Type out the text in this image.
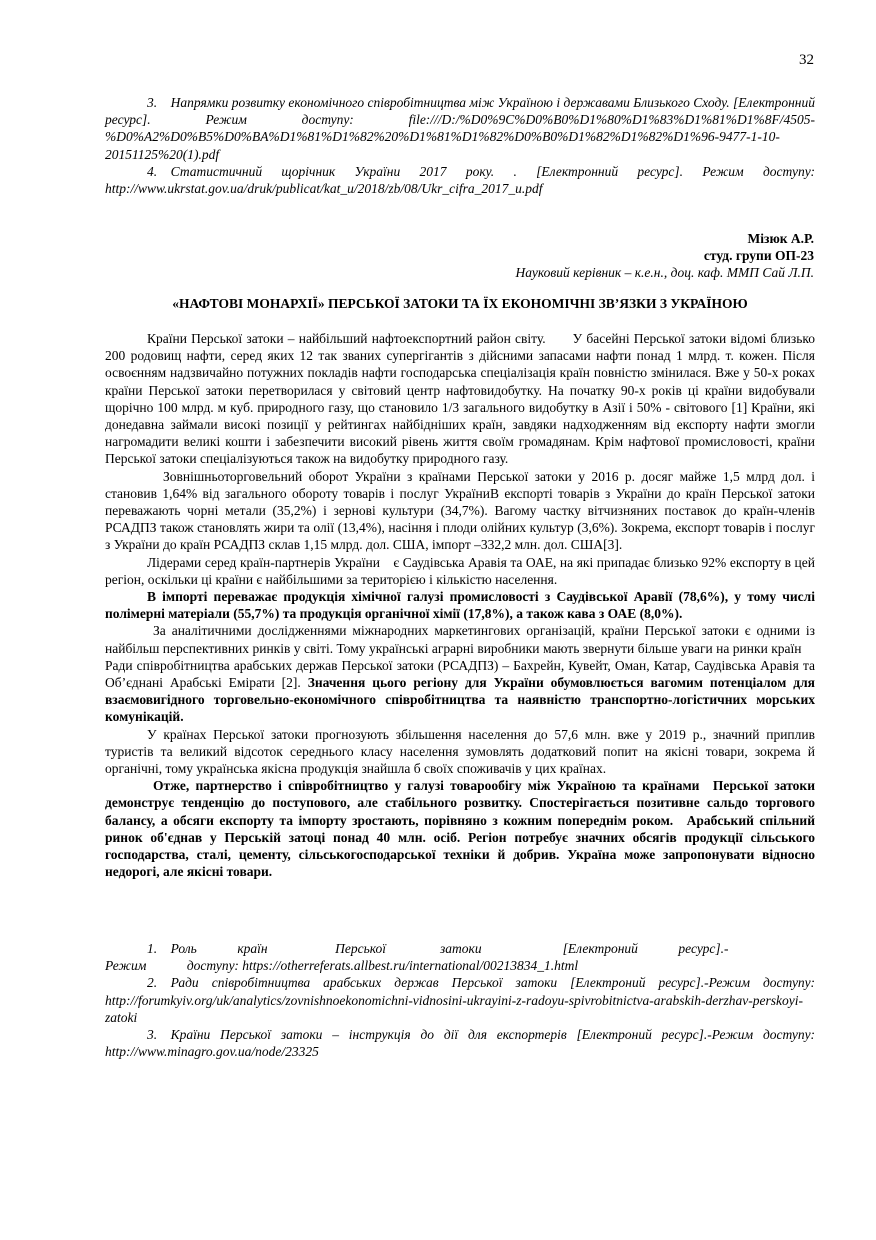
32

3. Напрямки розвитку економічного співробітництва між Україною і державами Близького Сходу. [Електронний ресурс]. Режим доступу: file:///D:/%D0%9C%D0%B0%D1%80%D1%83%D1%81%D1%8F/4505-%D0%A2%D0%B5%D0%BA%D1%81%D1%82%20%D1%81%D1%82%D0%B0%D1%82%D1%82%D1%96-9477-1-10-20151125%20(1).pdf

4. Статистичний щорічник України 2017 року. . [Електронний ресурс]. Режим доступу: http://www.ukrstat.gov.ua/druk/publicat/kat_u/2018/zb/08/Ukr_cifra_2017_u.pdf

Мізюк А.Р.
студ. групи ОП-23
Науковий керівник – к.е.н., доц. каф. ММП Сай Л.П.
«НАФТОВІ МОНАРХІЇ» ПЕРСЬКОЇ ЗАТОКИ ТА ЇХ ЕКОНОМІЧНІ ЗВ’ЯЗКИ З УКРАЇНОЮ

Країни Перської затоки – найбільший нафтоекспортний район світу.  У басейні Перської затоки відомі близько 200 родовищ нафти, серед яких 12 так званих супергігантів з дійсними запасами нафти понад 1 млрд. т. кожен. Після освоєнням надзвичайно потужних покладів нафти господарська спеціалізація країн повністю змінилася. Вже у 50-х роках країни Перської затоки перетворилася у світовий центр нафтовидобутку. На початку 90-х років ці країни видобували щорічно 100 млрд. м куб. природного газу, що становило 1/3 загального видобутку в Азії і 50% - світового [1] Країни, які донедавна займали високі позиції у рейтингах найбідніших країн, завдяки надходженням від експорту нафти змогли нагромадити великі кошти і забезпечити високий рівень життя своїм громадянам. Крім нафтової промисловості, країни Перської затоки спеціалізуються також на видобутку природного газу.

Зовнішньоторговельний оборот України з країнами Перської затоки у 2016 р. досяг майже 1,5 млрд дол. і становив 1,64% від загального обороту товарів і послуг УкраїниВ експорті товарів з України до країн Перської затоки переважають чорні метали (35,2%) і зернові культури (34,7%). Вагому частку вітчизняних поставок до країн-членів РСАДПЗ також становлять жири та олії (13,4%), насіння і плоди олійних культур (3,6%). Зокрема, експорт товарів і послуг з України до країн РСАДПЗ склав 1,15 млрд. дол. США, імпорт –332,2 млн. дол. США[3].

Лідерами серед країн-партнерів України є Саудівська Аравія та ОАЕ, на які припадає близько 92% експорту в цей регіон, оскільки ці країни є найбільшими за територією і кількістю населення.

В імпорті переважає продукція хімічної галузі промисловості з Саудівської Аравії (78,6%), у тому числі полімерні матеріали (55,7%) та продукція органічної хімії (17,8%), а також кава з ОАЕ (8,0%).

За аналітичними дослідженнями міжнародних маркетингових організацій, країни Перської затоки є одними із найбільш перспективних ринків у світі. Тому українські аграрні виробники мають звернути більше уваги на ринки країн Ради співробітництва арабських держав Перської затоки (РСАДПЗ) – Бахрейн, Кувейт, Оман, Катар, Саудівська Аравія та Об’єднані Арабські Емірати [2]. Значення цього регіону для України обумовлюється вагомим потенціалом для взаємовигідного торговельно-економічного співробітництва та наявністю транспортно-логістичних морських комунікацій.

У країнах Перської затоки прогнозують збільшення населення до 57,6 млн. вже у 2019 р., значний приплив туристів та великий відсоток середнього класу населення зумовлять додатковий попит на якісні товари, зокрема й органічні, тому українська якісна продукція знайшла б своїх споживачів у цих країнах.

Отже, партнерство і співробітництво у галузі товарообігу між Україною та країнами Перської затоки демонструє тенденцію до поступового, але стабільного розвитку. Спостерігається позитивне сальдо торгового балансу, а обсяги експорту та імпорту зростають, порівняно з кожним попереднім роком. Арабський спільний ринок об'єднав у Перській затоці понад 40 млн. осіб. Регіон потребує значних обсягів продукції сільського господарства, сталі, цементу, сільськогосподарської техніки й добрив. Україна може запропонувати відносно недорогі, але якісні товари.

1. Роль   країн     Перської    затоки      [Електроний   ресурс].-  Режим   доступу: https://otherreferats.allbest.ru/international/00213834_1.html

2. Ради співробітництва арабських держав Перської затоки [Електроний ресурс].-Режим доступу: http://forumkyiv.org/uk/analytics/zovnishnoekonomichni-vidnosini-ukrayini-z-radoyu-spivrobitnictva-arabskih-derzhav-perskoyi-zatoki

3. Країни Перської затоки – інструкція до дії для експортерів [Електроний ресурс].-Режим доступу: http://www.minagro.gov.ua/node/23325
